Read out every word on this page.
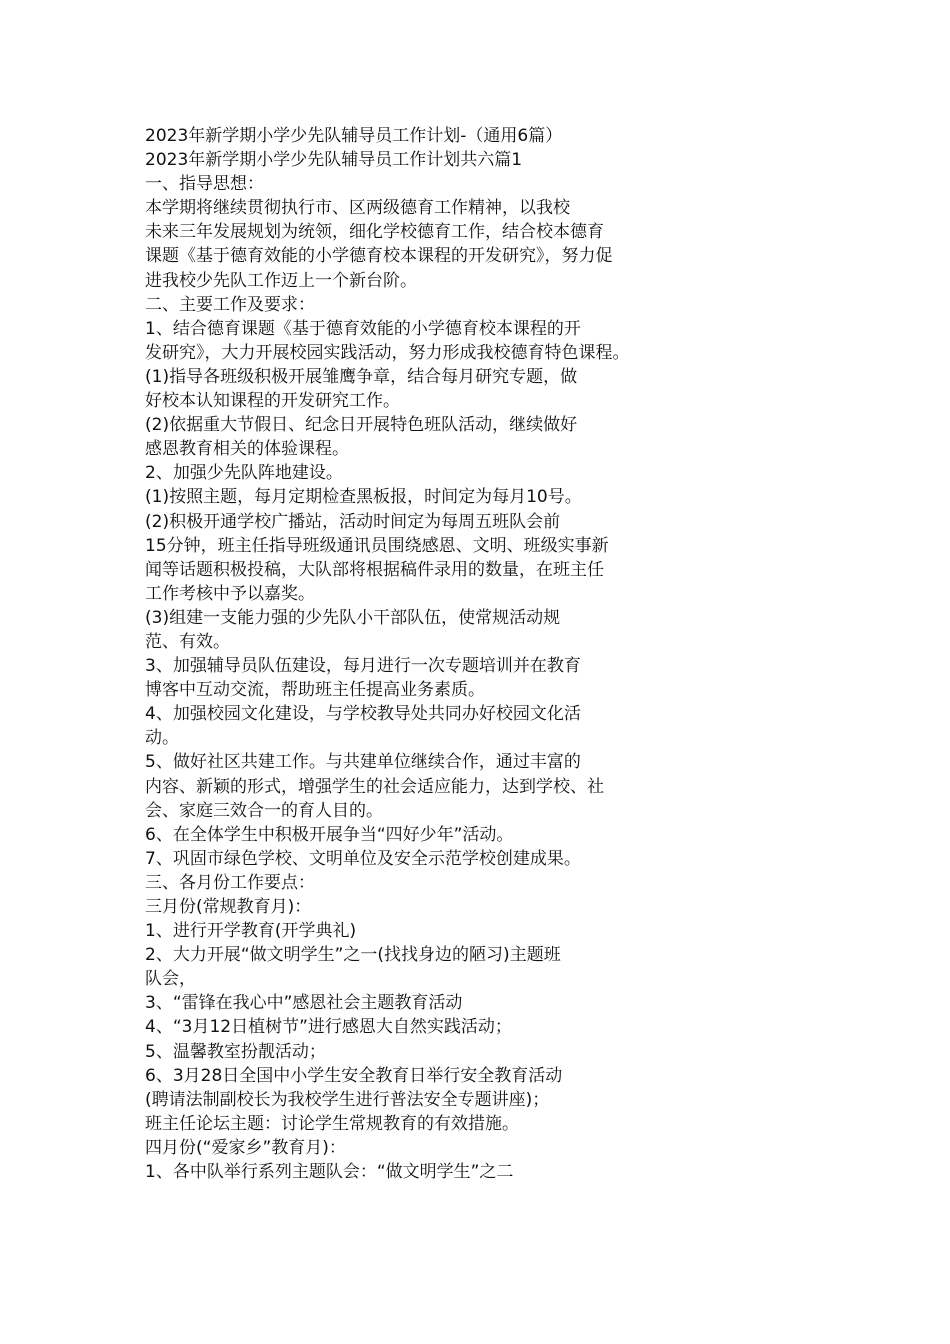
2023年新学期小学少先队辅导员工作计划-（通用6篇）
2023年新学期小学少先队辅导员工作计划共六篇1
一、指导思想：
本学期将继续贯彻执行市、区两级德育工作精神，以我校
未来三年发展规划为统领，细化学校德育工作，结合校本德育
课题《基于德育效能的小学德育校本课程的开发研究》，努力促
进我校少先队工作迈上一个新台阶。
二、主要工作及要求：
1、结合德育课题《基于德育效能的小学德育校本课程的开
发研究》，大力开展校园实践活动，努力形成我校德育特色课程。
(1)指导各班级积极开展雏鹰争章，结合每月研究专题，做
好校本认知课程的开发研究工作。
(2)依据重大节假日、纪念日开展特色班队活动，继续做好
感恩教育相关的体验课程。
2、加强少先队阵地建设。
(1)按照主题，每月定期检查黑板报，时间定为每月10号。
(2)积极开通学校广播站，活动时间定为每周五班队会前
15分钟，班主任指导班级通讯员围绕感恩、文明、班级实事新
闻等话题积极投稿，大队部将根据稿件录用的数量，在班主任
工作考核中予以嘉奖。
(3)组建一支能力强的少先队小干部队伍，使常规活动规
范、有效。
3、加强辅导员队伍建设，每月进行一次专题培训并在教育
博客中互动交流，帮助班主任提高业务素质。
4、加强校园文化建设，与学校教导处共同办好校园文化活
动。
5、做好社区共建工作。与共建单位继续合作，通过丰富的
内容、新颖的形式，增强学生的社会适应能力，达到学校、社
会、家庭三效合一的育人目的。
6、在全体学生中积极开展争当“四好少年”活动。
7、巩固市绿色学校、文明单位及安全示范学校创建成果。
三、各月份工作要点：
三月份(常规教育月)：
1、进行开学教育(开学典礼)
2、大力开展“做文明学生”之一(找找身边的陋习)主题班
队会，
3、“雷锋在我心中”感恩社会主题教育活动
4、“3月12日植树节”进行感恩大自然实践活动；
5、温馨教室扮靓活动；
6、3月28日全国中小学生安全教育日举行安全教育活动
(聘请法制副校长为我校学生进行普法安全专题讲座)；
班主任论坛主题：讨论学生常规教育的有效措施。
四月份(“爱家乡”教育月)：
1、各中队举行系列主题队会：“做文明学生”之二
